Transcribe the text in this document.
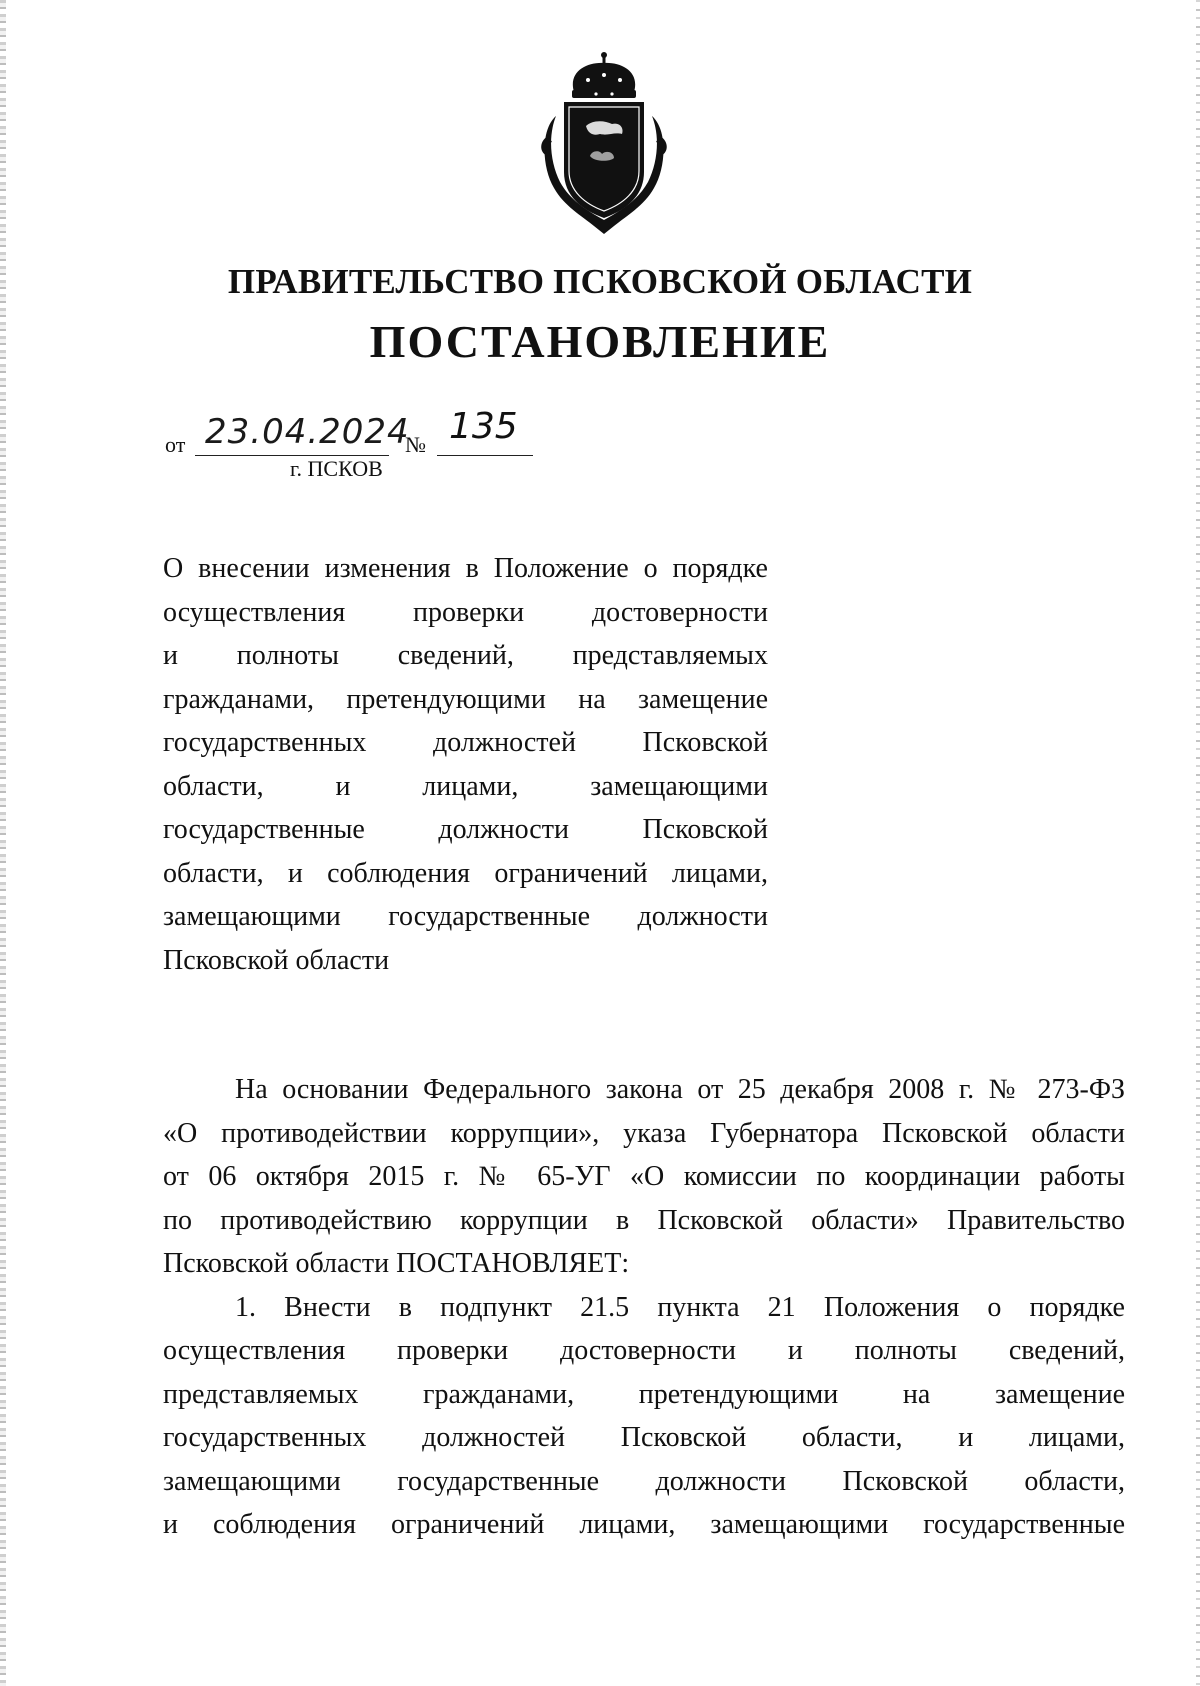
ПРАВИТЕЛЬСТВО ПСКОВСКОЙ ОБЛАСТИ
ПОСТАНОВЛЕНИЕ
от 23.04.2024
№ 135
г. ПСКОВ
О внесении изменения в Положение о порядке
осуществления проверки достоверности
и полноты сведений, представляемых
гражданами, претендующими на замещение
государственных должностей Псковской
области, и лицами, замещающими
государственные должности Псковской
области, и соблюдения ограничений лицами,
замещающими государственные должности
Псковской области
На основании Федерального закона от 25 декабря 2008 г. № 273-ФЗ
«О противодействии коррупции», указа Губернатора Псковской области
от 06 октября 2015 г. № 65-УГ «О комиссии по координации работы
по противодействию коррупции в Псковской области» Правительство
Псковской области ПОСТАНОВЛЯЕТ:
1. Внести в подпункт 21.5 пункта 21 Положения о порядке
осуществления проверки достоверности и полноты сведений,
представляемых гражданами, претендующими на замещение
государственных должностей Псковской области, и лицами,
замещающими государственные должности Псковской области,
и соблюдения ограничений лицами, замещающими государственные
